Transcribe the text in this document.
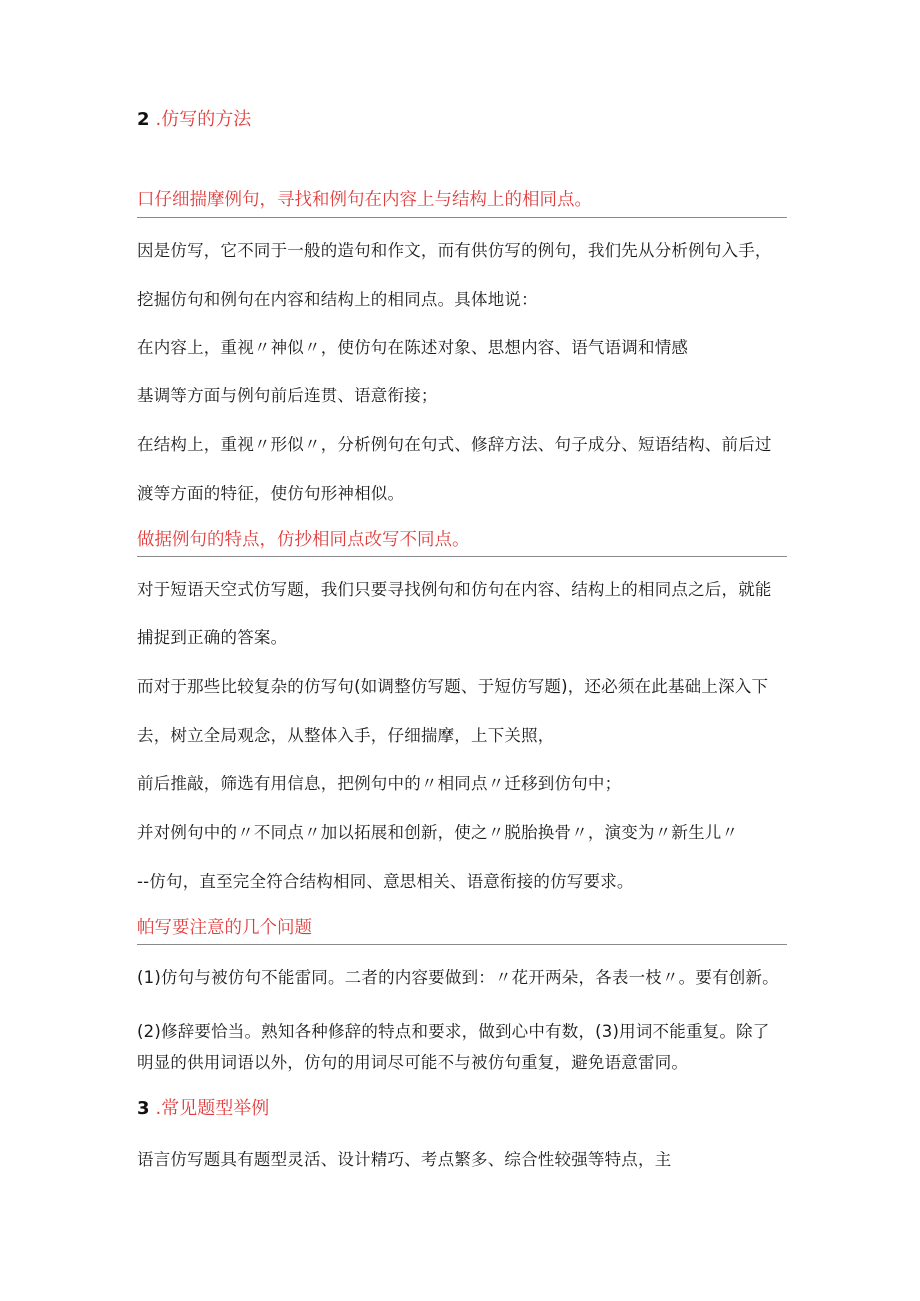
2 .仿写的方法
口仔细揣摩例句，寻找和例句在内容上与结构上的相同点。
因是仿写，它不同于一般的造句和作文，而有供仿写的例句，我们先从分析例句入手，
挖掘仿句和例句在内容和结构上的相同点。具体地说：
在内容上，重视〃神似〃，使仿句在陈述对象、思想内容、语气语调和情感
基调等方面与例句前后连贯、语意衔接；
在结构上，重视〃形似〃，分析例句在句式、修辞方法、句子成分、短语结构、前后过
渡等方面的特征，使仿句形神相似。
做据例句的特点，仿抄相同点改写不同点。
对于短语天空式仿写题，我们只要寻找例句和仿句在内容、结构上的相同点之后，就能
捕捉到正确的答案。
而对于那些比较复杂的仿写句(如调整仿写题、于短仿写题)，还必须在此基础上深入下
去，树立全局观念，从整体入手，仔细揣摩，上下关照，
前后推敲，筛选有用信息，把例句中的〃相同点〃迁移到仿句中；
并对例句中的〃不同点〃加以拓展和创新，使之〃脱胎换骨〃，演变为〃新生儿〃
--仿句，直至完全符合结构相同、意思相关、语意衔接的仿写要求。
帕写要注意的几个问题
(1)仿句与被仿句不能雷同。二者的内容要做到：〃花开两朵，各表一枝〃。要有创新。
(2)修辞要恰当。熟知各种修辞的特点和要求，做到心中有数，(3)用词不能重复。除了
明显的供用词语以外，仿句的用词尽可能不与被仿句重复，避免语意雷同。
3 .常见题型举例
语言仿写题具有题型灵活、设计精巧、考点繁多、综合性较强等特点，主
